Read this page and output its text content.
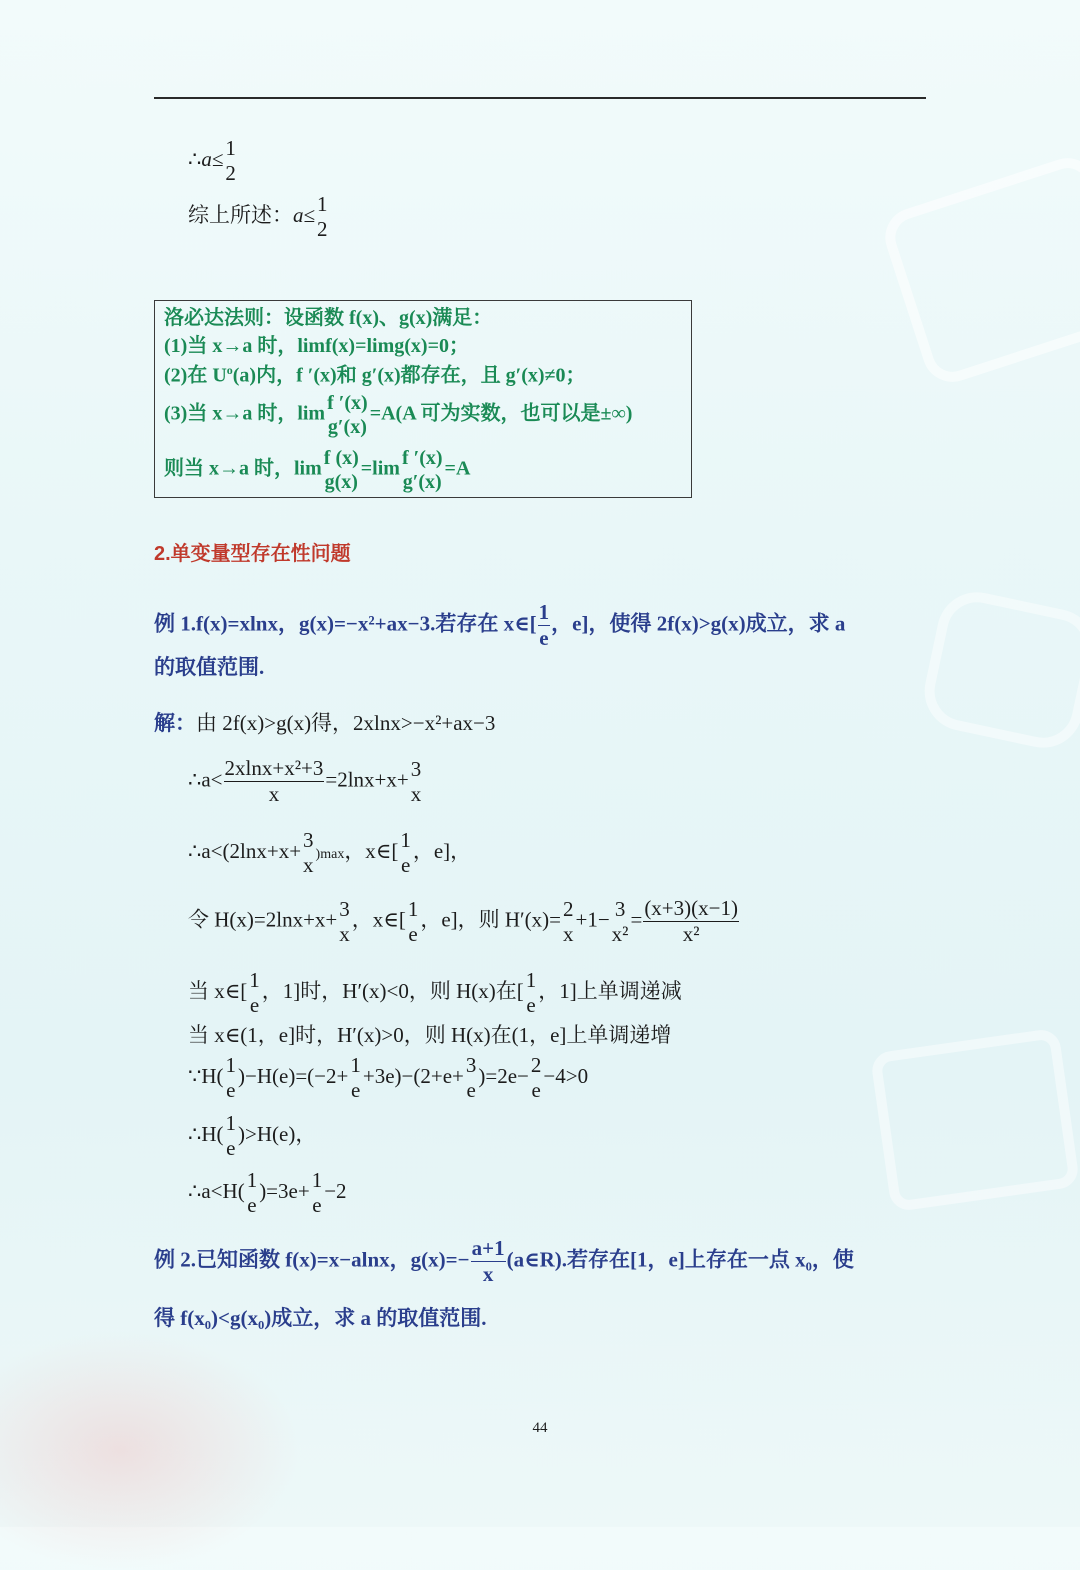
∴a≤ 1
2
综上所述：a≤ 1
2
洛必达法则：设函数 f(x)、g(x)满足：
(1)当 x→a 时，limf(x)=limg(x)=0；
(2)在 $U^o(a)$内，f ′(x)和 g′(x)都存在，且 g′(x)≠0；
(3)当 x→a 时，lim f ′(x)
g′(x)
=A(A 可为实数，也可以是±∞)
则当 x→a 时，lim f (x)
g(x)
=lim f ′(x)
g′(x)
=A
2.单变量型存在性问题
例 1.f(x)=xlnx，g(x)=−x²+ax−3.若存在 x∈[ $\frac{1}{e}$ ，e]，使得 2f(x)>g(x)成立，求 a
的取值范围.
解：由 2f(x)>g(x)得，2xlnx>−x²+ax−3
∴a< $\frac{\text{2xlnx+x²+3}}{x} =2\ln x+x+ 3$
x
∴a<(2lnx+x+ 3
x )max，x∈[ 1
e
，e]，
令 H(x)=2lnx+x+ 3
x
，x∈[ 1
e
，e]，则 H′(x)= 2
x
+1− 3
x²
= $\frac{(x+3)(x-1)}{\text{x²}}$
当 x∈[ 1
e
，1]时，H′(x)<0，则 H(x)在[ 1
e
，1]上单调递减
当 x∈(1，e]时，H′(x)>0，则 H(x)在(1，e]上单调递增
∵H( 1
e
)−H(e)=(−2+ 1
e
+3e)−(2+e+ 3
e
)=2e− 2
e
−4>0
∴H( 1
e
)>H(e)，
∴a<H( 1
e
)=3e+ 1
e
−2
例 2.已知函数 f(x)=x−alnx，$g(x)=- \frac{a+1}{x}$ (a∈R).若存在[1，e]上存在一点 x₀，使
得 f(x₀)<g(x₀)成立，求 a 的取值范围.
44
